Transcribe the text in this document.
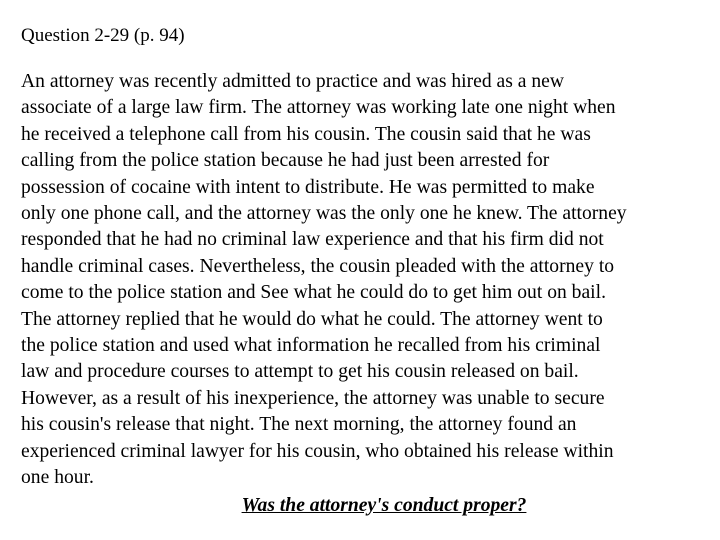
Question 2-29 (p. 94)
An attorney was recently admitted to practice and was hired as a new
associate of a large law firm. The attorney was working late one night when
he received a telephone call from his cousin. The cousin said that he was
calling from the police station because he had just been arrested for
possession of cocaine with intent to distribute. He was permitted to make
only one phone call, and the attorney was the only one he knew. The attorney
responded that he had no criminal law experience and that his firm did not
handle criminal cases. Nevertheless, the cousin pleaded with the attorney to
come to the police station and See what he could do to get him out on bail.
The attorney replied that he would do what he could. The attorney went to
the police station and used what information he recalled from his criminal
law and procedure courses to attempt to get his cousin released on bail.
However, as a result of his inexperience, the attorney was unable to secure
his cousin's release that night. The next morning, the attorney found an
experienced criminal lawyer for his cousin, who obtained his release within
one hour.
Was the attorney's conduct proper?
